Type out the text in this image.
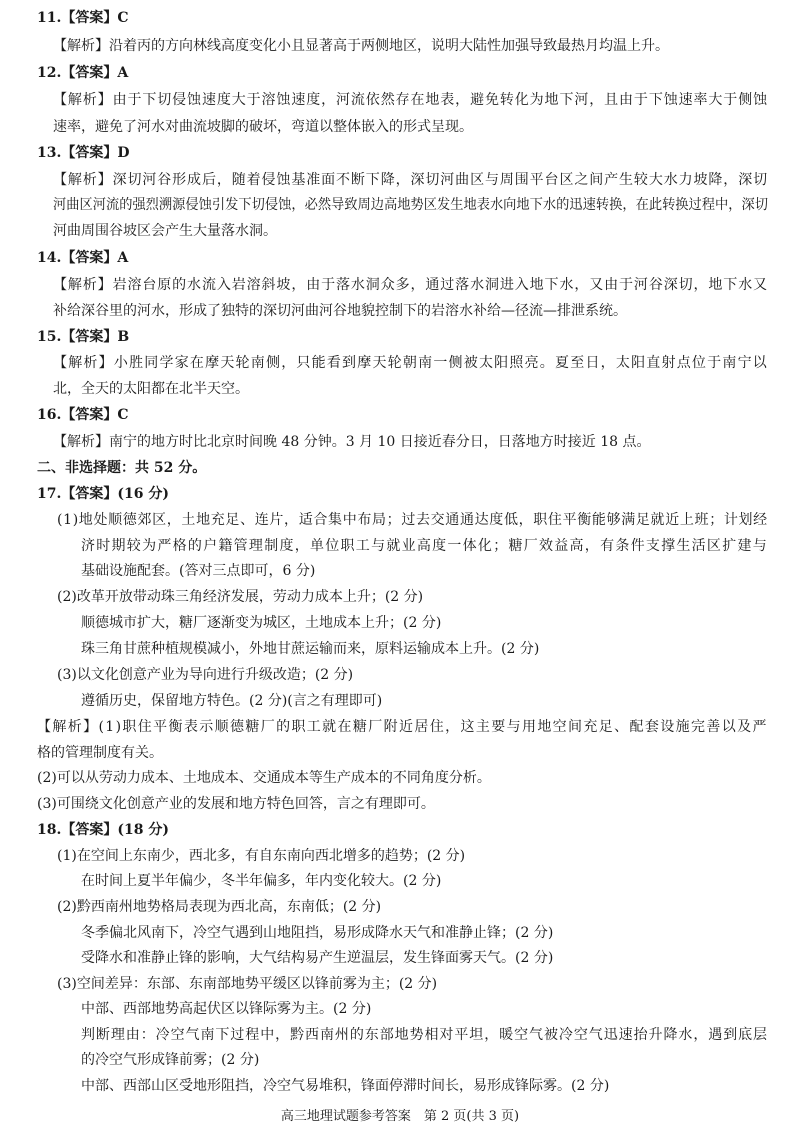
11.【答案】C
【解析】沿着丙的方向林线高度变化小且显著高于两侧地区，说明大陆性加强导致最热月均温上升。
12.【答案】A
【解析】由于下切侵蚀速度大于溶蚀速度，河流依然存在地表，避免转化为地下河，且由于下蚀速率大于侧蚀
速率，避免了河水对曲流坡脚的破坏，弯道以整体嵌入的形式呈现。
13.【答案】D
【解析】深切河谷形成后，随着侵蚀基准面不断下降，深切河曲区与周围平台区之间产生较大水力坡降，深切
河曲区河流的强烈溯源侵蚀引发下切侵蚀，必然导致周边高地势区发生地表水向地下水的迅速转换，在此转换过程中，深切
河曲周围谷坡区会产生大量落水洞。
14.【答案】A
【解析】岩溶台原的水流入岩溶斜坡，由于落水洞众多，通过落水洞进入地下水，又由于河谷深切，地下水又
补给深谷里的河水，形成了独特的深切河曲河谷地貌控制下的岩溶水补给—径流—排泄系统。
15.【答案】B
【解析】小胜同学家在摩天轮南侧，只能看到摩天轮朝南一侧被太阳照亮。夏至日，太阳直射点位于南宁以
北，全天的太阳都在北半天空。
16.【答案】C
【解析】南宁的地方时比北京时间晚 48 分钟。3 月 10 日接近春分日，日落地方时接近 18 点。
二、非选择题：共 52 分。
17.【答案】(16 分)
(1)地处顺德郊区，土地充足、连片，适合集中布局；过去交通通达度低，职住平衡能够满足就近上班；计划经
济时期较为严格的户籍管理制度，单位职工与就业高度一体化；糖厂效益高，有条件支撑生活区扩建与
基础设施配套。(答对三点即可，6 分)
(2)改革开放带动珠三角经济发展，劳动力成本上升；(2 分)
顺德城市扩大，糖厂逐渐变为城区，土地成本上升；(2 分)
珠三角甘蔗种植规模减小，外地甘蔗运输而来，原料运输成本上升。(2 分)
(3)以文化创意产业为导向进行升级改造；(2 分)
遵循历史，保留地方特色。(2 分)(言之有理即可)
【解析】(1)职住平衡表示顺德糖厂的职工就在糖厂附近居住，这主要与用地空间充足、配套设施完善以及严
格的管理制度有关。
(2)可以从劳动力成本、土地成本、交通成本等生产成本的不同角度分析。
(3)可围绕文化创意产业的发展和地方特色回答，言之有理即可。
18.【答案】(18 分)
(1)在空间上东南少，西北多，有自东南向西北增多的趋势；(2 分)
在时间上夏半年偏少，冬半年偏多，年内变化较大。(2 分)
(2)黔西南州地势格局表现为西北高，东南低；(2 分)
冬季偏北风南下，冷空气遇到山地阻挡，易形成降水天气和准静止锋；(2 分)
受降水和准静止锋的影响，大气结构易产生逆温层，发生锋面雾天气。(2 分)
(3)空间差异：东部、东南部地势平缓区以锋前雾为主；(2 分)
中部、西部地势高起伏区以锋际雾为主。(2 分)
判断理由：冷空气南下过程中，黔西南州的东部地势相对平坦，暖空气被冷空气迅速抬升降水，遇到底层
的冷空气形成锋前雾；(2 分)
中部、西部山区受地形阻挡，冷空气易堆积，锋面停滞时间长，易形成锋际雾。(2 分)
高三地理试题参考答案　第 2 页(共 3 页)
